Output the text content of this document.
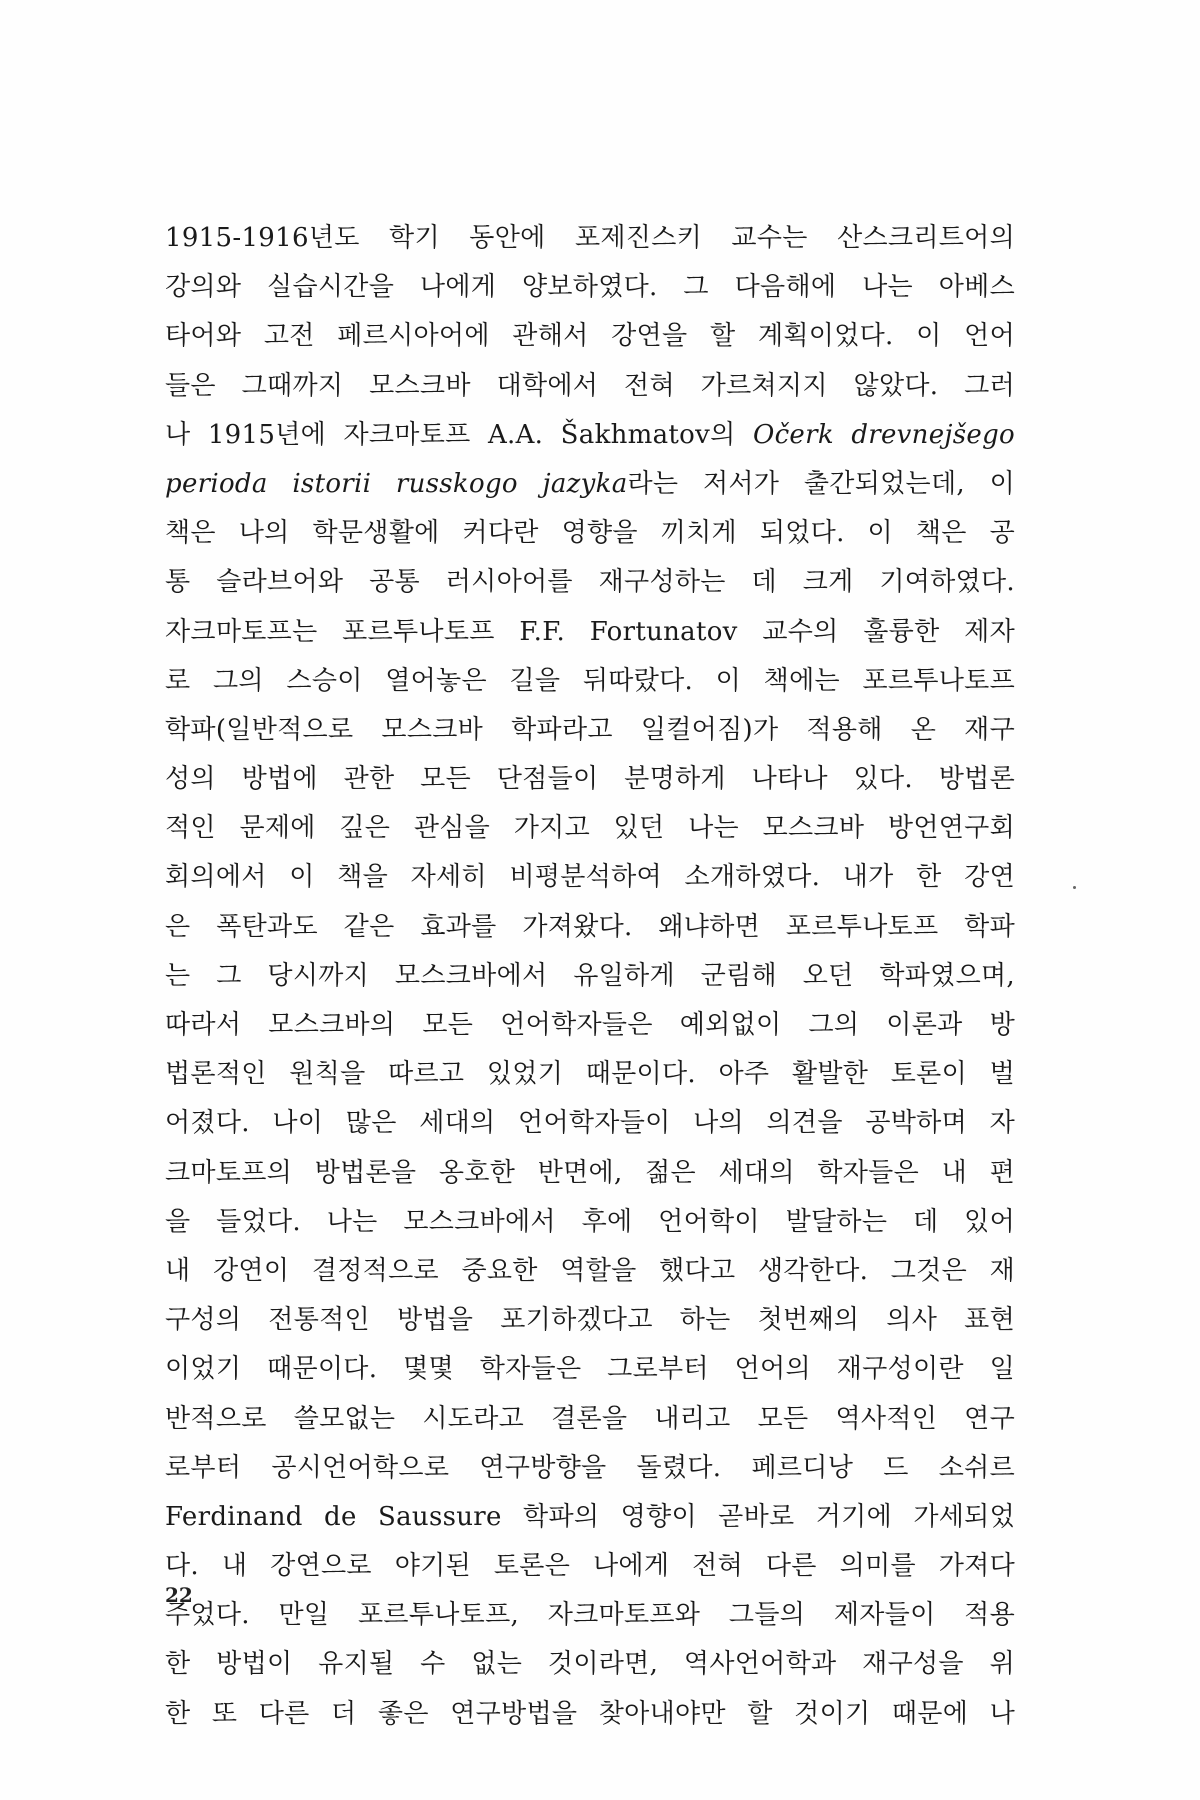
1915-1916년도 학기 동안에 포제진스키 교수는 산스크리트어의
강의와 실습시간을 나에게 양보하였다. 그 다음해에 나는 아베스
타어와 고전 페르시아어에 관해서 강연을 할 계획이었다. 이 언어
들은 그때까지 모스크바 대학에서 전혀 가르쳐지지 않았다. 그러
나 1915년에 자크마토프 A.A. Šakhmatov의 Očerk drevnejšego
perioda istorii russkogo jazyka라는 저서가 출간되었는데, 이
책은 나의 학문생활에 커다란 영향을 끼치게 되었다. 이 책은 공
통 슬라브어와 공통 러시아어를 재구성하는 데 크게 기여하였다.
자크마토프는 포르투나토프 F.F. Fortunatov 교수의 훌륭한 제자
로 그의 스승이 열어놓은 길을 뒤따랐다. 이 책에는 포르투나토프
학파(일반적으로 모스크바 학파라고 일컬어짐)가 적용해 온 재구
성의 방법에 관한 모든 단점들이 분명하게 나타나 있다. 방법론
적인 문제에 깊은 관심을 가지고 있던 나는 모스크바 방언연구회
회의에서 이 책을 자세히 비평분석하여 소개하였다. 내가 한 강연
은 폭탄과도 같은 효과를 가져왔다. 왜냐하면 포르투나토프 학파
는 그 당시까지 모스크바에서 유일하게 군림해 오던 학파였으며,
따라서 모스크바의 모든 언어학자들은 예외없이 그의 이론과 방
법론적인 원칙을 따르고 있었기 때문이다. 아주 활발한 토론이 벌
어졌다. 나이 많은 세대의 언어학자들이 나의 의견을 공박하며 자
크마토프의 방법론을 옹호한 반면에, 젊은 세대의 학자들은 내 편
을 들었다. 나는 모스크바에서 후에 언어학이 발달하는 데 있어
내 강연이 결정적으로 중요한 역할을 했다고 생각한다. 그것은 재
구성의 전통적인 방법을 포기하겠다고 하는 첫번째의 의사 표현
이었기 때문이다. 몇몇 학자들은 그로부터 언어의 재구성이란 일
반적으로 쓸모없는 시도라고 결론을 내리고 모든 역사적인 연구
로부터 공시언어학으로 연구방향을 돌렸다. 페르디낭 드 소쉬르
Ferdinand de Saussure 학파의 영향이 곧바로 거기에 가세되었
다. 내 강연으로 야기된 토론은 나에게 전혀 다른 의미를 가져다
주었다. 만일 포르투나토프, 자크마토프와 그들의 제자들이 적용
한 방법이 유지될 수 없는 것이라면, 역사언어학과 재구성을 위
한 또 다른 더 좋은 연구방법을 찾아내야만 할 것이기 때문에 나
22
